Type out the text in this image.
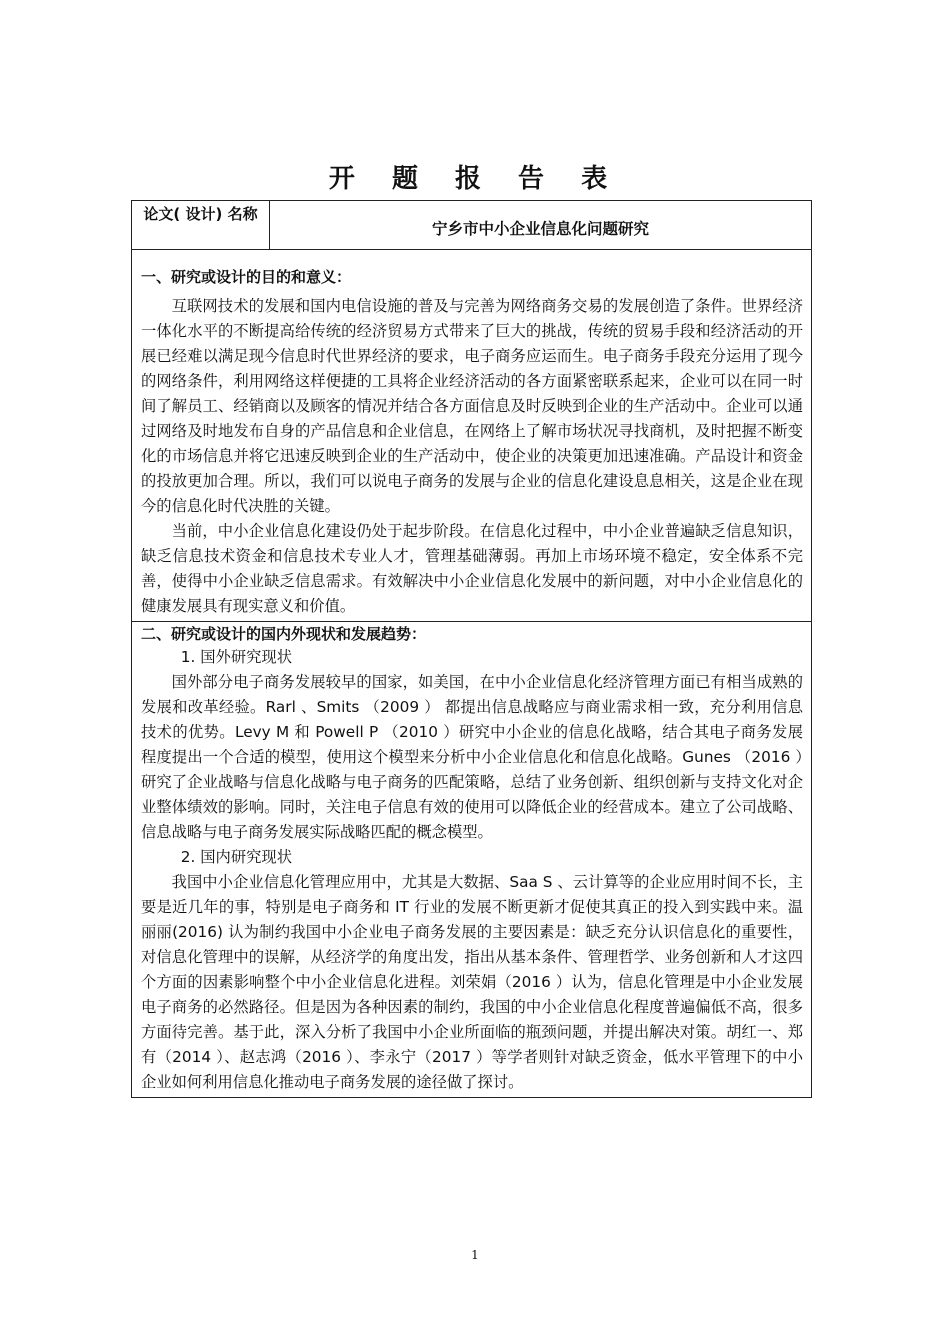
开 题 报 告 表
论文( 设计) 名称	宁乡市中小企业信息化问题研究

一、研究或设计的目的和意义：

互联网技术的发展和国内电信设施的普及与完善为网络商务交易的发展创造了条件。世界经济一体化水平的不断提高给传统的经济贸易方式带来了巨大的挑战，传统的贸易手段和经济活动的开展已经难以满足现今信息时代世界经济的要求，电子商务应运而生。电子商务手段充分运用了现今的网络条件，利用网络这样便捷的工具将企业经济活动的各方面紧密联系起来，企业可以在同一时间了解员工、经销商以及顾客的情况并结合各方面信息及时反映到企业的生产活动中。企业可以通过网络及时地发布自身的产品信息和企业信息，在网络上了解市场状况寻找商机，及时把握不断变化的市场信息并将它迅速反映到企业的生产活动中，使企业的决策更加迅速准确。产品设计和资金的投放更加合理。所以，我们可以说电子商务的发展与企业的信息化建设息息相关，这是企业在现今的信息化时代决胜的关键。

当前，中小企业信息化建设仍处于起步阶段。在信息化过程中，中小企业普遍缺乏信息知识，缺乏信息技术资金和信息技术专业人才，管理基础薄弱。再加上市场环境不稳定，安全体系不完善，使得中小企业缺乏信息需求。有效解决中小企业信息化发展中的新问题，对中小企业信息化的健康发展具有现实意义和价值。

二、研究或设计的国内外现状和发展趋势：

1. 国外研究现状

国外部分电子商务发展较早的国家，如美国，在中小企业信息化经济管理方面已有相当成熟的发展和改革经验。Rarl 、Smits （2009 ） 都提出信息战略应与商业需求相一致，充分利用信息技术的优势。Levy M 和 Powell P （2010 ）研究中小企业的信息化战略，结合其电子商务发展程度提出一个合适的模型，使用这个模型来分析中小企业信息化和信息化战略。Gunes （2016 ）研究了企业战略与信息化战略与电子商务的匹配策略，总结了业务创新、组织创新与支持文化对企业整体绩效的影响。同时，关注电子信息有效的使用可以降低企业的经营成本。建立了公司战略、信息战略与电子商务发展实际战略匹配的概念模型。

2. 国内研究现状

我国中小企业信息化管理应用中，尤其是大数据、Saa S 、云计算等的企业应用时间不长，主要是近几年的事，特别是电子商务和 IT 行业的发展不断更新才促使其真正的投入到实践中来。温丽丽(2016) 认为制约我国中小企业电子商务发展的主要因素是：缺乏充分认识信息化的重要性，对信息化管理中的误解，从经济学的角度出发，指出从基本条件、管理哲学、业务创新和人才这四个方面的因素影响整个中小企业信息化进程。刘荣娟（2016 ）认为，信息化管理是中小企业发展电子商务的必然路径。但是因为各种因素的制约，我国的中小企业信息化程度普遍偏低不高，很多方面待完善。基于此，深入分析了我国中小企业所面临的瓶颈问题，并提出解决对策。胡红一、郑有（2014 ）、赵志鸿（2016 ）、李永宁（2017 ）等学者则针对缺乏资金，低水平管理下的中小企业如何利用信息化推动电子商务发展的途径做了探讨。

1
